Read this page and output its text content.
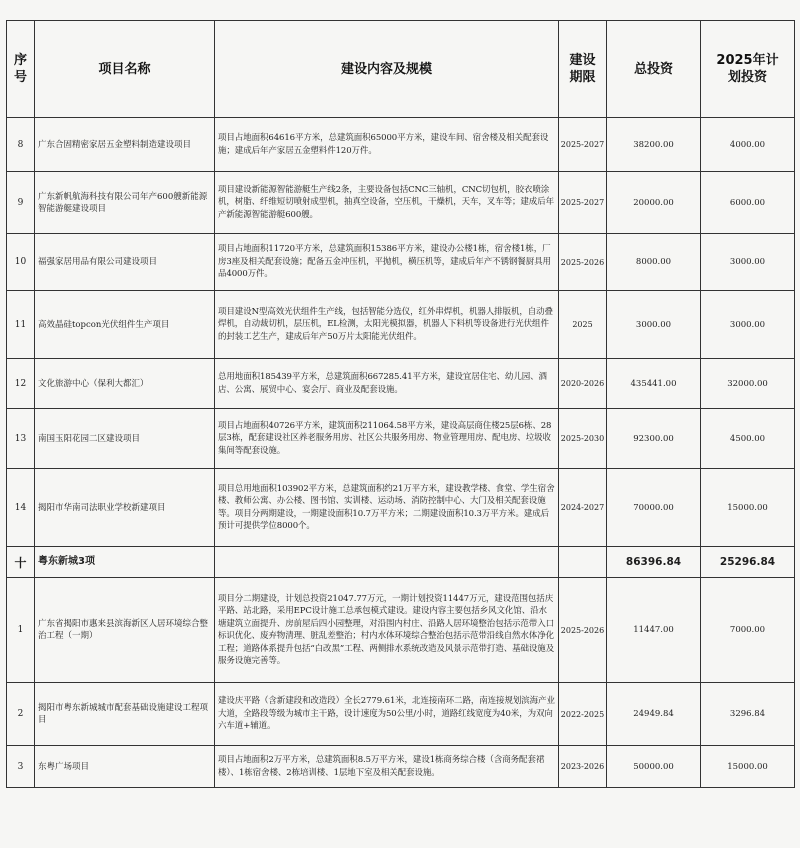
序号	项目名称	建设内容及规模	建设期限	总投资	2025年计划投资
8	广东合固精密家居五金塑料制造建设项目	项目占地面积64616平方米，总建筑面积65000平方米，建设车间、宿舍楼及相关配套设施；建成后年产家居五金塑料件120万件。	2025-2027	38200.00	4000.00
9	广东新帆航海科技有限公司年产600艘新能源智能游艇建设项目	项目建设新能源智能游艇生产线2条，主要设备包括CNC三轴机，CNC切包机，胶衣喷涂机，树脂、纤维短切喷射成型机，抽真空设备，空压机，干燥机，天车，叉车等；建成后年产新能源智能游艇600艘。	2025-2027	20000.00	6000.00
10	福强家居用品有限公司建设项目	项目占地面积11720平方米，总建筑面积15386平方米，建设办公楼1栋，宿舍楼1栋，厂房3座及相关配套设施；配备五金冲压机，平抛机，横压机等，建成后年产不锈钢餐厨具用品4000万件。	2025-2026	8000.00	3000.00
11	高效晶硅topcon光伏组件生产项目	项目建设N型高效光伏组件生产线，包括智能分选仪，红外串焊机，机器人排版机，自动叠焊机，自动裁切机，层压机，EL检测，太阳光模拟器，机器人下料机等设备进行光伏组件的封装工艺生产，建成后年产50万片太阳能光伏组件。	2025	3000.00	3000.00
12	文化旅游中心（保利大都汇）	总用地面积185439平方米，总建筑面积667285.41平方米，建设宜居住宅、幼儿园、酒店、公寓、展贸中心、宴会厅、商业及配套设施。	2020-2026	435441.00	32000.00
13	南国玉阳花园二区建设项目	项目占地面积40726平方米，建筑面积211064.58平方米，建设高层商住楼25层6栋、28层3栋，配套建设社区养老服务用房、社区公共服务用房、物业管理用房、配电房、垃圾收集间等配套设施。	2025-2030	92300.00	4500.00
14	揭阳市华南司法职业学校新建项目	项目总用地面积103902平方米，总建筑面积约21万平方米，建设教学楼、食堂、学生宿舍楼、教师公寓、办公楼、图书馆、实训楼、运动场、消防控制中心、大门及相关配套设施等。项目分两期建设，一期建设面积10.7万平方米；二期建设面积10.3万平方米。建成后预计可提供学位8000个。	2024-2027	70000.00	15000.00
十	粤东新城3项			86396.84	25296.84
1	广东省揭阳市惠来县滨海新区人居环境综合整治工程（一期）	项目分二期建设，计划总投资21047.77万元，一期计划投资11447万元，建设范围包括庆平路、站北路，采用EPC设计施工总承包模式建设。建设内容主要包括乡风文化馆、沿水塘建筑立面提升、房前屋后四小园整理，对沿围内村庄、沿路人居环境整治包括示范带入口标识优化、废弃物清理、脏乱差整治；村内水体环境综合整治包括示范带沿线自然水体净化工程；道路体系提升包括“白改黑”工程、两侧排水系统改造及风景示范带打造、基础设施及服务设施完善等。	2025-2026	11447.00	7000.00
2	揭阳市粤东新城城市配套基础设施建设工程项目	建设庆平路（含新建段和改造段）全长2779.61米，北连接南环二路，南连接规划滨海产业大道，全路段等级为城市主干路，设计速度为50公里/小时，道路红线宽度为40米，为双向六车道+辅道。	2022-2025	24949.84	3296.84
3	东粤广场项目	项目占地面积2万平方米，总建筑面积8.5万平方米，建设1栋商务综合楼（含商务配套裙楼）、1栋宿舍楼、2栋培训楼、1层地下室及相关配套设施。	2023-2026	50000.00	15000.00
